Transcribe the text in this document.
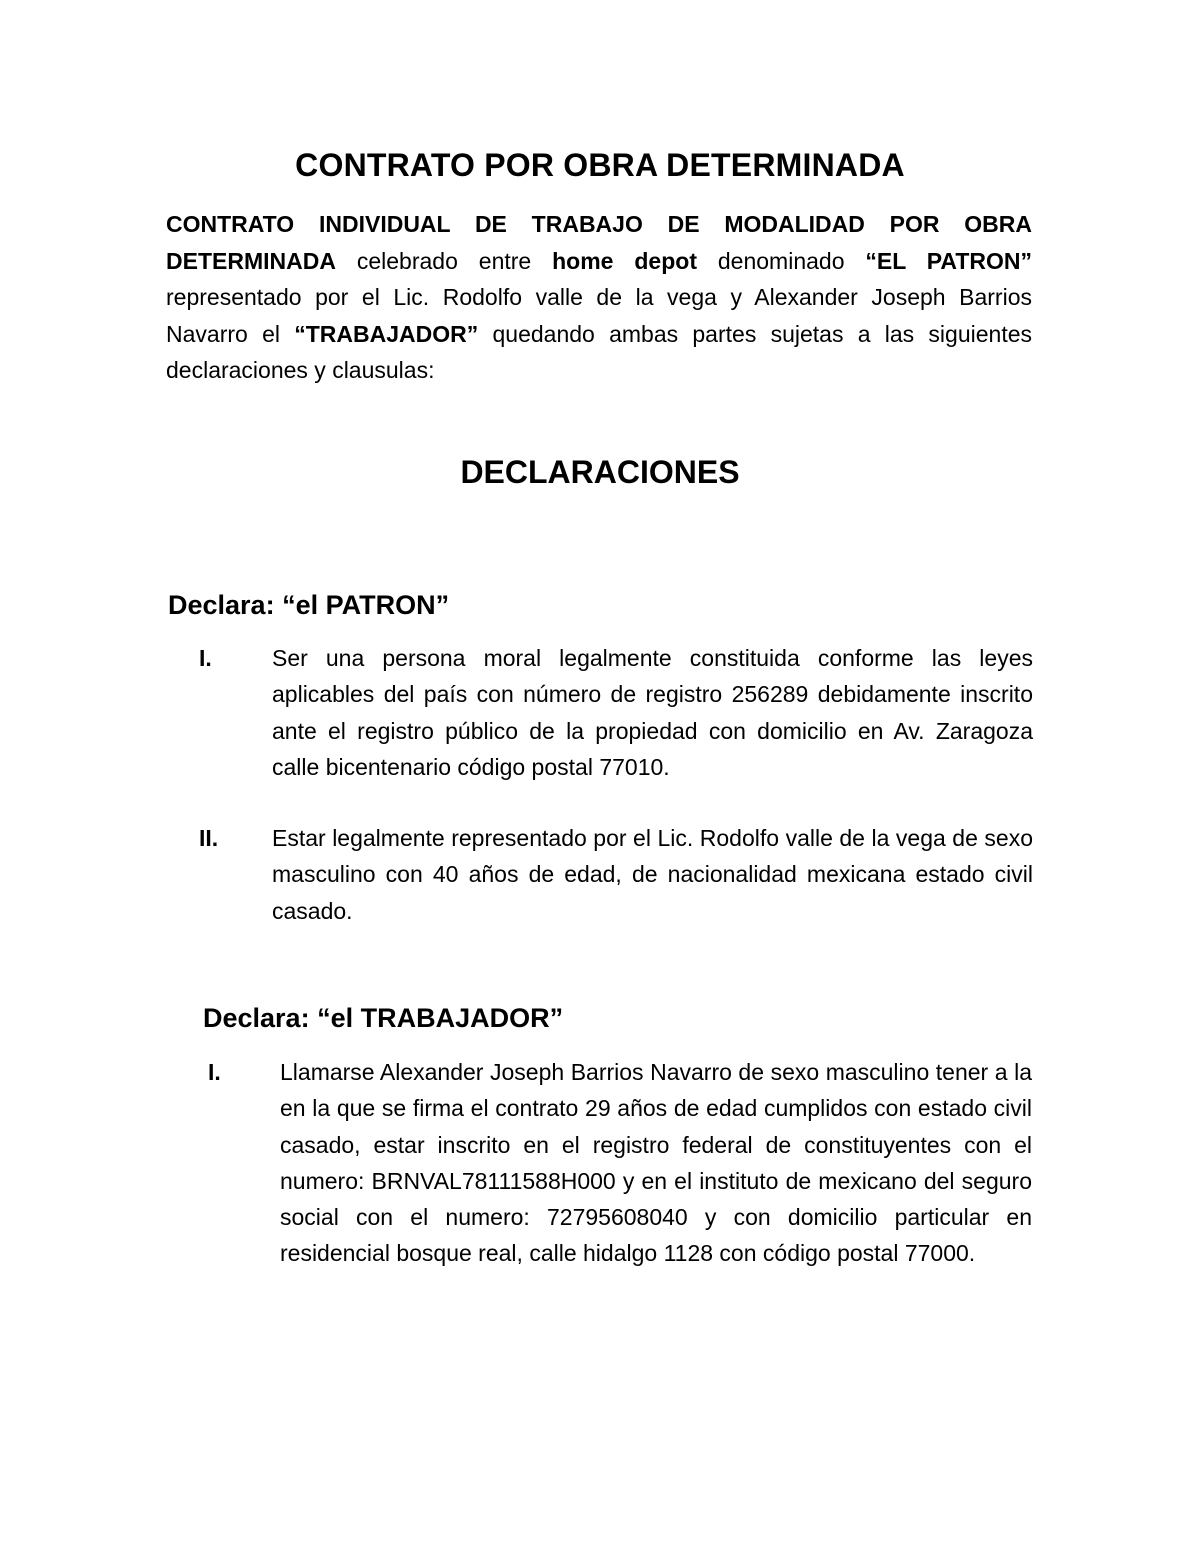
CONTRATO POR OBRA DETERMINADA
CONTRATO INDIVIDUAL DE TRABAJO DE MODALIDAD POR OBRA DETERMINADA celebrado entre home depot denominado “EL PATRON” representado por el Lic. Rodolfo valle de la vega y Alexander Joseph Barrios Navarro el “TRABAJADOR” quedando ambas partes sujetas a las siguientes declaraciones y clausulas:
DECLARACIONES
Declara: “el PATRON”
I.	Ser una persona moral legalmente constituida conforme las leyes aplicables del país con número de registro 256289 debidamente inscrito ante el registro público de la propiedad con domicilio en Av. Zaragoza calle bicentenario código postal 77010.
II. Estar legalmente representado por el Lic. Rodolfo valle de la vega de sexo masculino con 40 años de edad, de nacionalidad mexicana estado civil casado.
Declara: “el TRABAJADOR”
I.	Llamarse Alexander Joseph Barrios Navarro de sexo masculino tener a la en la que se firma el contrato 29 años de edad cumplidos con estado civil casado, estar inscrito en el registro federal de constituyentes con el numero: BRNVAL78111588H000 y en el instituto de mexicano del seguro social con el numero: 72795608040 y con domicilio particular en residencial bosque real, calle hidalgo 1128 con código postal 77000.
